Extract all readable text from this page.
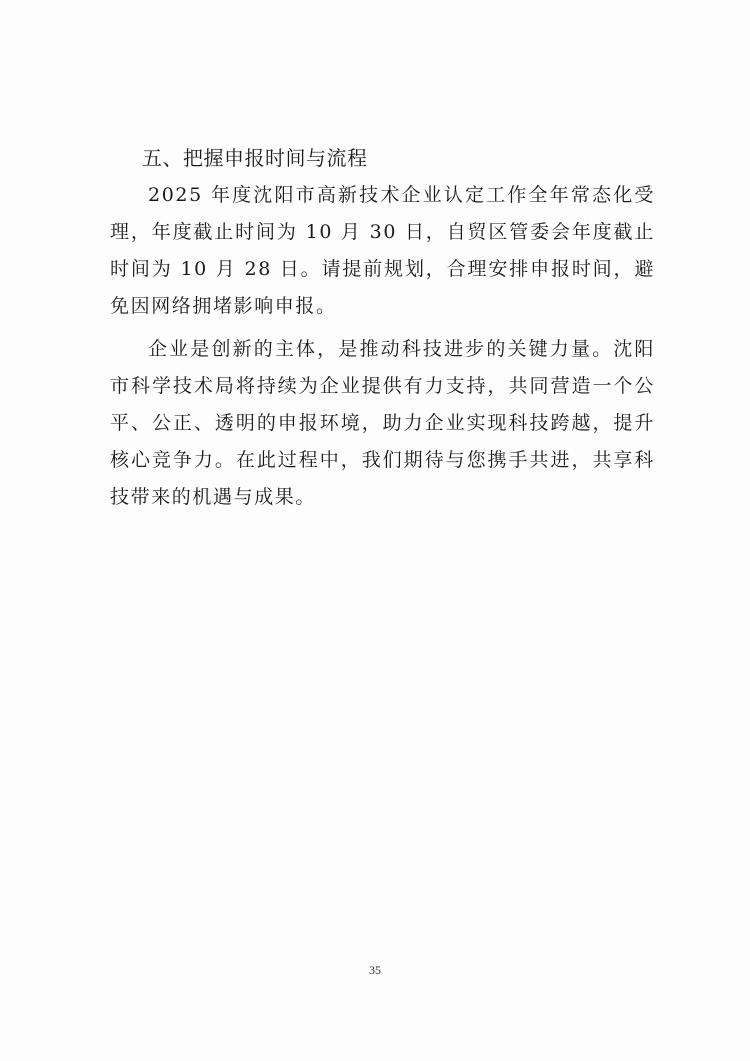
五、把握申报时间与流程

2025 年度沈阳市高新技术企业认定工作全年常态化受理，年度截止时间为 10 月 30 日，自贸区管委会年度截止时间为 10 月 28 日。请提前规划，合理安排申报时间，避免因网络拥堵影响申报。

企业是创新的主体，是推动科技进步的关键力量。沈阳市科学技术局将持续为企业提供有力支持，共同营造一个公平、公正、透明的申报环境，助力企业实现科技跨越，提升核心竞争力。在此过程中，我们期待与您携手共进，共享科技带来的机遇与成果。

35
